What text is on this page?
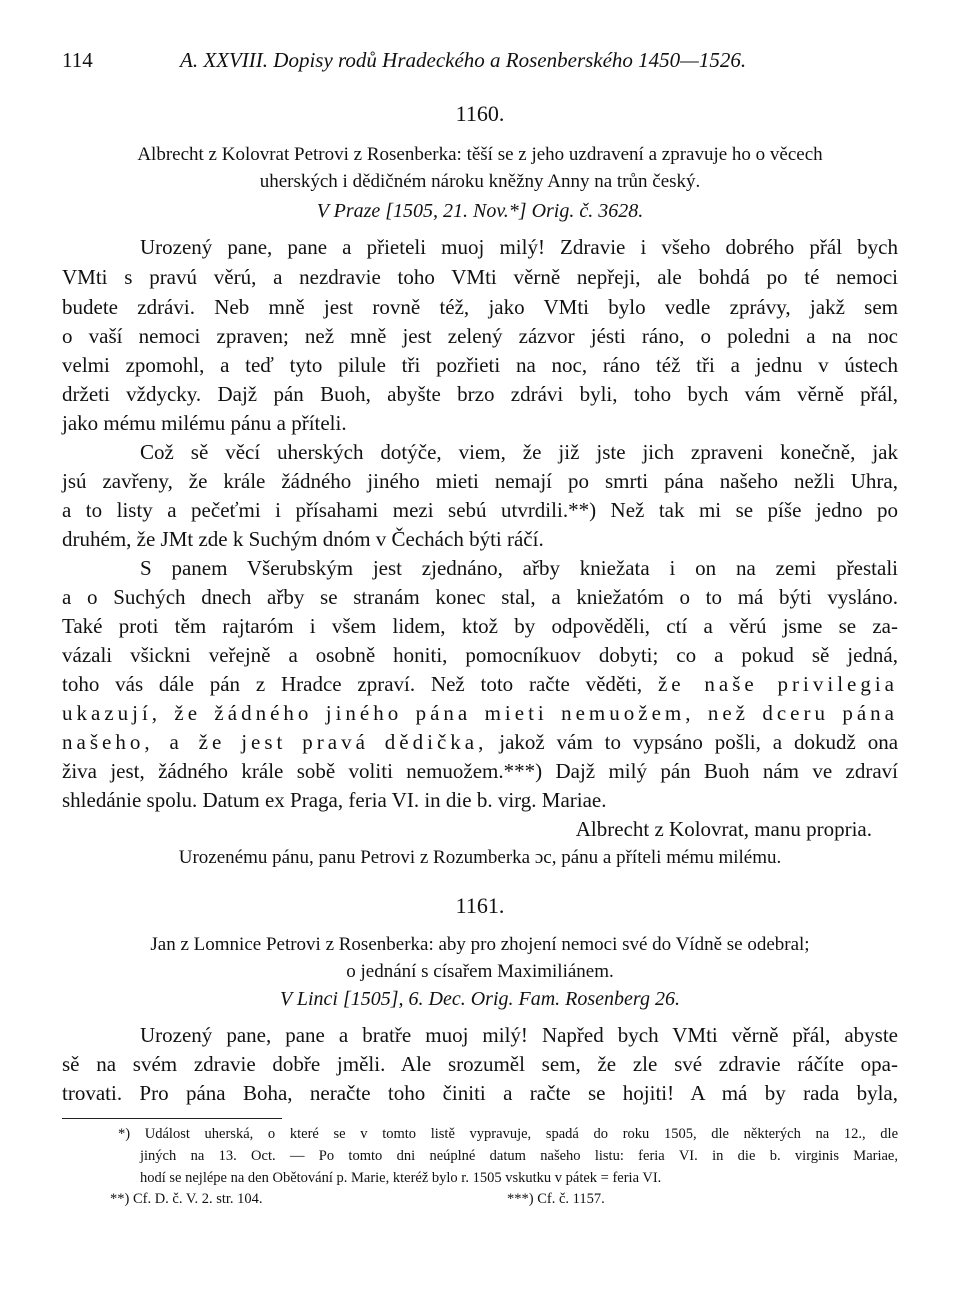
114	A. XXVIII. Dopisy rodů Hradeckého a Rosenberského 1450—1526.
1160.
Albrecht z Kolovrat Petrovi z Rosenberka: těší se z jeho uzdravení a zpravuje ho o věcech
uherských i dědičném nároku kněžny Anny na trůn český.
V Praze [1505, 21. Nov.*] Orig. č. 3628.
Urozený pane, pane a přieteli muoj milý! Zdravie i všeho dobrého přál bych
VMti s pravú věrú, a nezdravie toho VMti věrně nepřeji, ale bohdá po té nemoci
budete zdrávi. Neb mně jest rovně též, jako VMti bylo vedle zprávy, jakž sem
o vaší nemoci zpraven; než mně jest zelený zázvor jésti ráno, o poledni a na noc
velmi zpomohl, a teď tyto pilule tři pozřieti na noc, ráno též tři a jednu v ústech
držeti vždycky. Dajž pán Buoh, abyšte brzo zdrávi byli, toho bych vám věrně přál,
jako mému milému pánu a příteli.
Což sě věcí uherských dotýče, viem, že již jste jich zpraveni konečně, jak
jsú zavřeny, že krále žádného jiného mieti nemají po smrti pána našeho nežli Uhra,
a to listy a pečeťmi i přísahami mezi sebú utvrdili.**) Než tak mi se píše jedno po
druhém, že JMt zde k Suchým dnóm v Čechách býti ráčí.
S panem Všerubským jest zjednáno, ařby kniežata i on na zemi přestali
a o Suchých dnech ařby se stranám konec stal, a kniežatóm o to má býti vysláno.
Také proti těm rajtaróm i všem lidem, ktož by odpověděli, ctí a věrú jsme se za-
vázali všickni veřejně a osobně honiti, pomocníkuov dobyti; co a pokud sě jedná,
toho vás dále pán z Hradce zpraví. Než toto račte věděti, že naše privilegia
ukazují, že žádného jiného pána mieti nemuožem, než dceru pána
našeho, a že jest pravá dědička, jakož vám to vypsáno pošli, a dokudž ona
živa jest, žádného krále sobě voliti nemuožem.***) Dajž milý pán Buoh nám ve zdraví
shledánie spolu. Datum ex Praga, feria VI. in die b. virg. Mariae.
Albrecht z Kolovrat, manu propria.
Urozenému pánu, panu Petrovi z Rozumberka ɔc, pánu a příteli mému milému.
1161.
Jan z Lomnice Petrovi z Rosenberka: aby pro zhojení nemoci své do Vídně se odebral;
o jednání s císařem Maximiliánem.
V Linci [1505], 6. Dec. Orig. Fam. Rosenberg 26.
Urozený pane, pane a bratře muoj milý! Napřed bych VMti věrně přál, abyste
sě na svém zdravie dobře jměli. Ale srozuměl sem, že zle své zdravie ráčíte opa-
trovati. Pro pána Boha, neračte toho činiti a račte se hojiti! A má by rada byla,
*) Událost uherská, o které se v tomto listě vypravuje, spadá do roku 1505, dle některých na 12., dle
jiných na 13. Oct. — Po tomto dni neúplné datum našeho listu: feria VI. in die b. virginis Mariae,
hodí se nejlépe na den Obětování p. Marie, kteréž bylo r. 1505 vskutku v pátek = feria VI.
**) Cf. D. č. V. 2. str. 104.	***) Cf. č. 1157.
